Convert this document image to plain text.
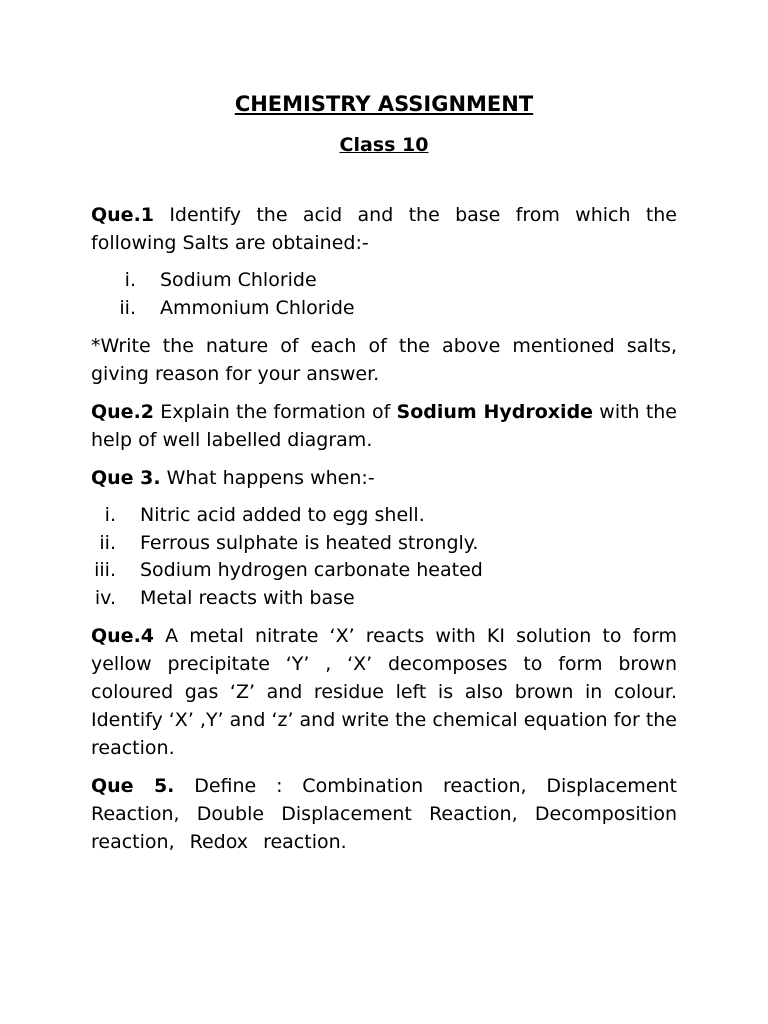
CHEMISTRY ASSIGNMENT
Class 10

Que.1 Identify the acid and the base from which the following Salts are obtained:-

i.	Sodium Chloride
ii.	Ammonium Chloride

*Write the nature of each of the above mentioned salts, giving reason for your answer.

Que.2 Explain the formation of Sodium Hydroxide with the help of well labelled diagram.

Que 3. What happens when:-

i.	Nitric acid added to egg shell.
ii.	Ferrous sulphate is heated strongly.
iii.	Sodium hydrogen carbonate heated
iv.	Metal reacts with base

Que.4 A metal nitrate ‘X’ reacts with KI solution to form yellow precipitate ‘Y’ , ‘X’ decomposes to form brown coloured gas ‘Z’ and residue left is also brown in colour. Identify ‘X’ ,Y’ and ‘z’ and write the chemical equation for the reaction.

Que 5. Define : Combination reaction, Displacement Reaction, Double Displacement Reaction, Decomposition reaction, Redox reaction.
